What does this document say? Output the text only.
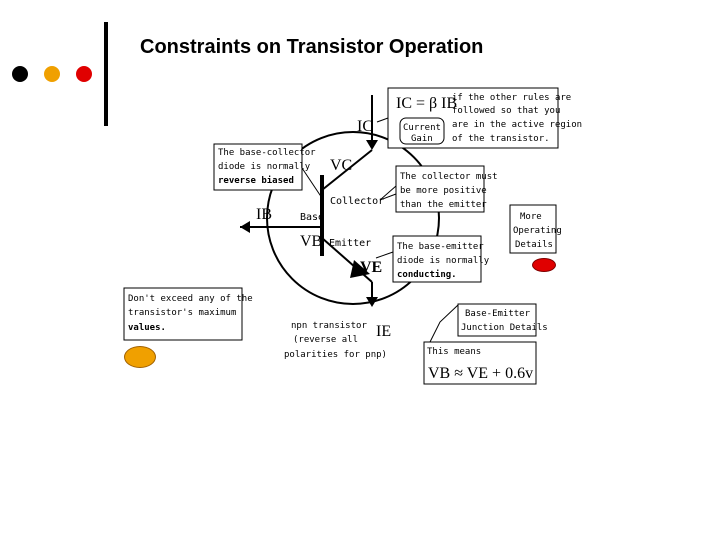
Constraints on Transistor Operation
IC
VC
IB
VB
VE
IE
Base
Collector
Emitter
IC = β IB
Current
Gain
if the other rules are
followed so that you
are in the active region
of the transistor.
The base-collector
diode is normally
reverse biased	The collector must
be more positive
than the emitter
The base-emitter
diode is normally
conducting.
More
Operating
Details
Don't exceed any of the
transistor's maximum
values.	npn transistor
(reverse all
polarities for pnp)
Base-Emitter
Junction Details
This means
VB ≈ VE + 0.6v
